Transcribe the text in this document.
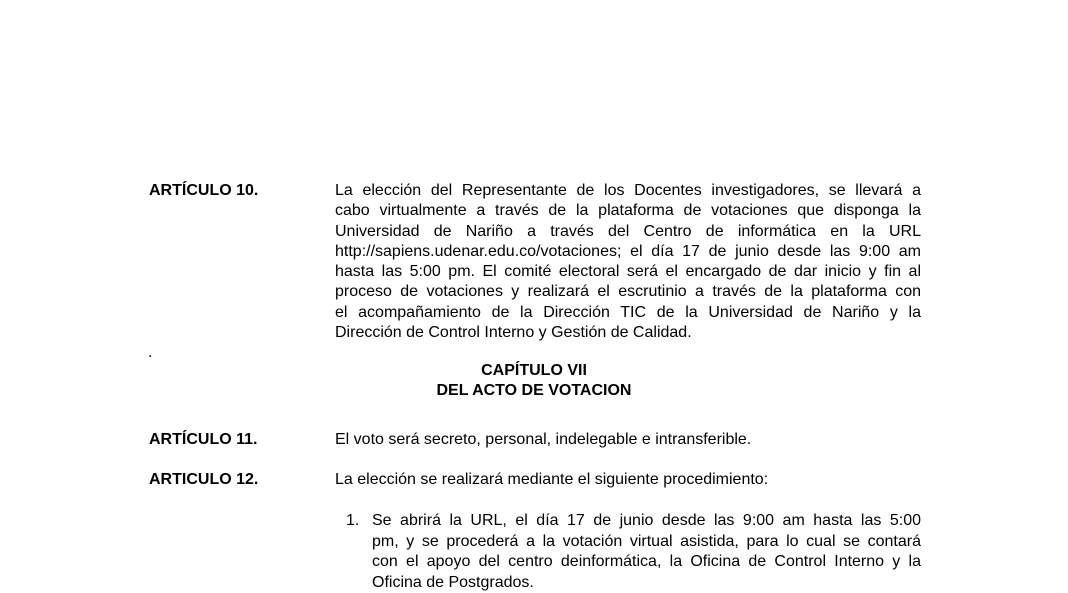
ARTÍCULO 10.	La elección del Representante de los Docentes investigadores, se llevará a
cabo virtualmente a través de la plataforma de votaciones que disponga la
Universidad de Nariño a través del Centro de informática en la URL
http://sapiens.udenar.edu.co/votaciones; el día 17 de junio desde las 9:00 am
hasta las 5:00 pm. El comité electoral será el encargado de dar inicio y fin al
proceso de votaciones y realizará el escrutinio a través de la plataforma con
el acompañamiento de la Dirección TIC de la Universidad de Nariño y la
Dirección de Control Interno y Gestión de Calidad.
.
CAPÍTULO VII
DEL ACTO DE VOTACION
ARTÍCULO 11.	El voto será secreto, personal, indelegable e intransferible.
ARTICULO 12.	La elección se realizará mediante el siguiente procedimiento:
1. Se abrirá la URL, el día 17 de junio desde las 9:00 am hasta las 5:00
pm, y se procederá a la votación virtual asistida, para lo cual se contará
con el apoyo del centro deinformática, la Oficina de Control Interno y la
Oficina de Postgrados.
